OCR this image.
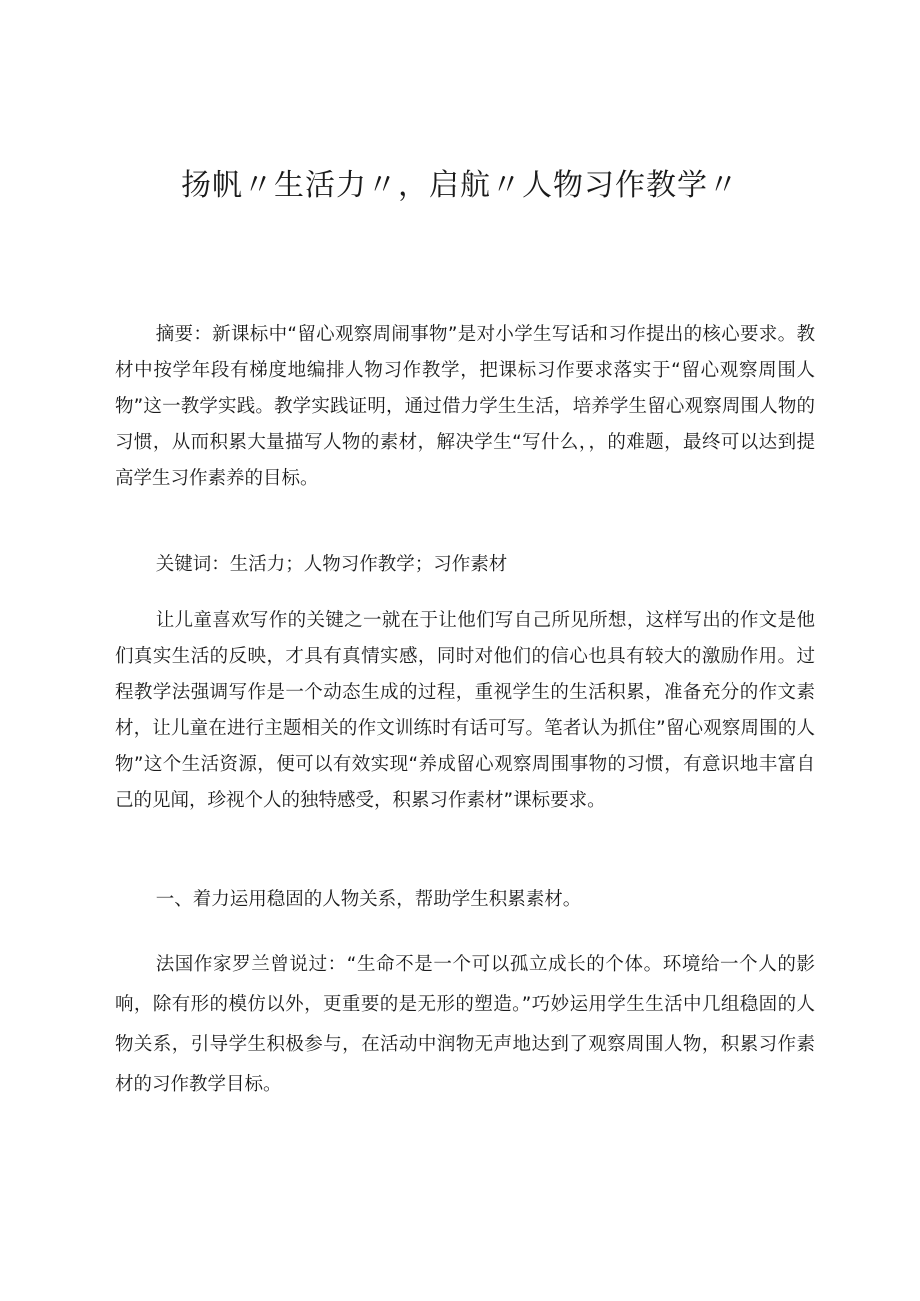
扬帆〃生活力〃，启航〃人物习作教学〃

摘要：新课标中“留心观察周闹事物”是对小学生写话和习作提出的核心要求。教材中按学年段有梯度地编排人物习作教学，把课标习作要求落实于“留心观察周围人物”这一教学实践。教学实践证明，通过借力学生生活，培养学生留心观察周围人物的习惯，从而积累大量描写人物的素材，解决学生“写什么，，的难题，最终可以达到提高学生习作素养的目标。

关键词：生活力；人物习作教学；习作素材

让儿童喜欢写作的关键之一就在于让他们写自己所见所想，这样写出的作文是他们真实生活的反映，才具有真情实感，同时对他们的信心也具有较大的激励作用。过程教学法强调写作是一个动态生成的过程，重视学生的生活积累，准备充分的作文素材，让儿童在进行主题相关的作文训练时有话可写。笔者认为抓住”留心观察周围的人物”这个生活资源，便可以有效实现“养成留心观察周围事物的习惯，有意识地丰富自己的见闻，珍视个人的独特感受，积累习作素材”课标要求。

一、着力运用稳固的人物关系，帮助学生积累素材。

法国作家罗兰曾说过：“生命不是一个可以孤立成长的个体。环境给一个人的影响，除有形的模仿以外，更重要的是无形的塑造。”巧妙运用学生生活中几组稳固的人物关系，引导学生积极参与，在活动中润物无声地达到了观察周围人物，积累习作素材的习作教学目标。
